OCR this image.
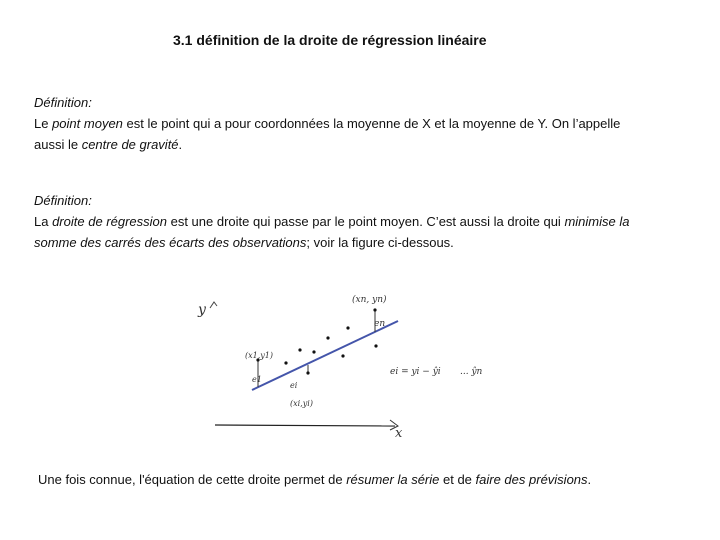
3.1 définition de la droite de régression linéaire
Définition:
Le point moyen est le point qui a pour coordonnées la moyenne de X et la moyenne de Y. On l’appelle aussi le centre de gravité.
Définition:
La droite de régression est une droite qui passe par le point moyen. C’est aussi la droite qui minimise la somme des carrés des écarts des observations; voir la figure ci-dessous.
y
x
(xn, yn)
en
(x1,y1)
e1
ei
(xi,yi)
ei = yi − ŷi ... ŷn
Une fois connue, l'équation de cette droite permet de résumer la série et de faire des prévisions.
